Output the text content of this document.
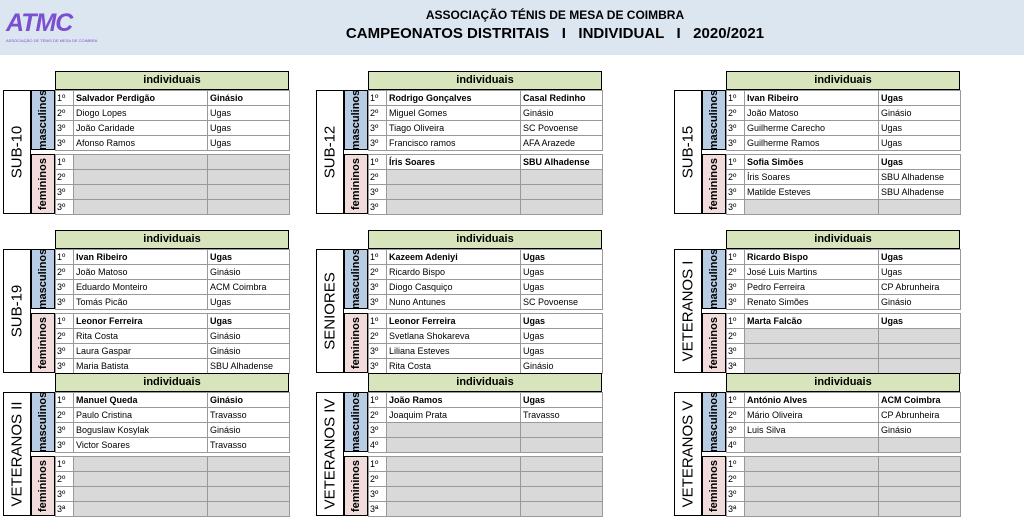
ATMC
ASSOCIAÇÃO DE TÉNIS DE MESA DE COIMBRA
ASSOCIAÇÃO TÉNIS DE MESA DE COIMBRA
CAMPEONATOS DISTRITAIS   I   INDIVIDUAL   I   2020/2021
individuais
SUB-10
masculinos
femininos
1º	Salvador Perdigão	Ginásio
2º	Diogo Lopes	Ugas
3º	João Caridade	Ugas
3º	Afonso Ramos	Ugas
1º		
2º		
3º		
3º		
individuais
SUB-12
masculinos
femininos
1º	Rodrigo Gonçalves	Casal Redinho
2º	Miguel Gomes	Ginásio
3º	Tiago Oliveira	SC Povoense
3º	Francisco ramos	AFA Arazede
1º	Íris Soares	SBU Alhadense
2º		
3º		
3º		
individuais
SUB-15
masculinos
femininos
1º	Ivan Ribeiro	Ugas
2º	João Matoso	Ginásio
3º	Guilherme Carecho	Ugas
3º	Guilherme Ramos	Ugas
1º	Sofia Simões	Ugas
2º	Íris Soares	SBU Alhadense
3º	Matilde Esteves	SBU Alhadense
3º		
individuais
SUB-19
masculinos
femininos
1º	Ivan Ribeiro	Ugas
2º	João Matoso	Ginásio
3º	Eduardo Monteiro	ACM Coimbra
3º	Tomás Picão	Ugas
1º	Leonor Ferreira	Ugas
2º	Rita Costa	Ginásio
3º	Laura Gaspar	Ginásio
3º	Maria Batista	SBU Alhadense
individuais
SENIORES masculinos
femininos
1º	Kazeem Adeniyi	Ugas
2º	Ricardo Bispo	Ugas
3º	Diogo Casquiço	Ugas
3º	Nuno Antunes	SC Povoense
1º	Leonor Ferreira	Ugas
2º	Svetlana Shokareva	Ugas
3º	Liliana Esteves	Ugas
3º	Rita Costa	Ginásio
individuais
VETERANOS I masculinos
femininos
1º	Ricardo Bispo	Ugas
2º	José Luis Martins	Ugas
3º	Pedro Ferreira	CP Abrunheira
3º	Renato Simões	Ginásio
1º	Marta Falcão	Ugas
2º		
3º		
3ª		
individuais
VETERANOS II masculinos
femininos
1º	Manuel Queda	Ginásio
2º	Paulo Cristina	Travasso
3º	Boguslaw Kosylak	Ginásio
3º	Victor Soares	Travasso
1º		
2º		
3º		
3ª		
individuais
VETERANOS IV masculinos
femininos
1º	João Ramos	Ugas
2º	Joaquim Prata	Travasso
3º		
4º		
1º		
2º		
3º		
3ª		
individuais
VETERANOS V masculinos
femininos
1º	António Alves	ACM Coimbra
2º	Mário Oliveira	CP Abrunheira
3º	Luis Silva	Ginásio
4º		
1º		
2º		
3º		
3ª		
